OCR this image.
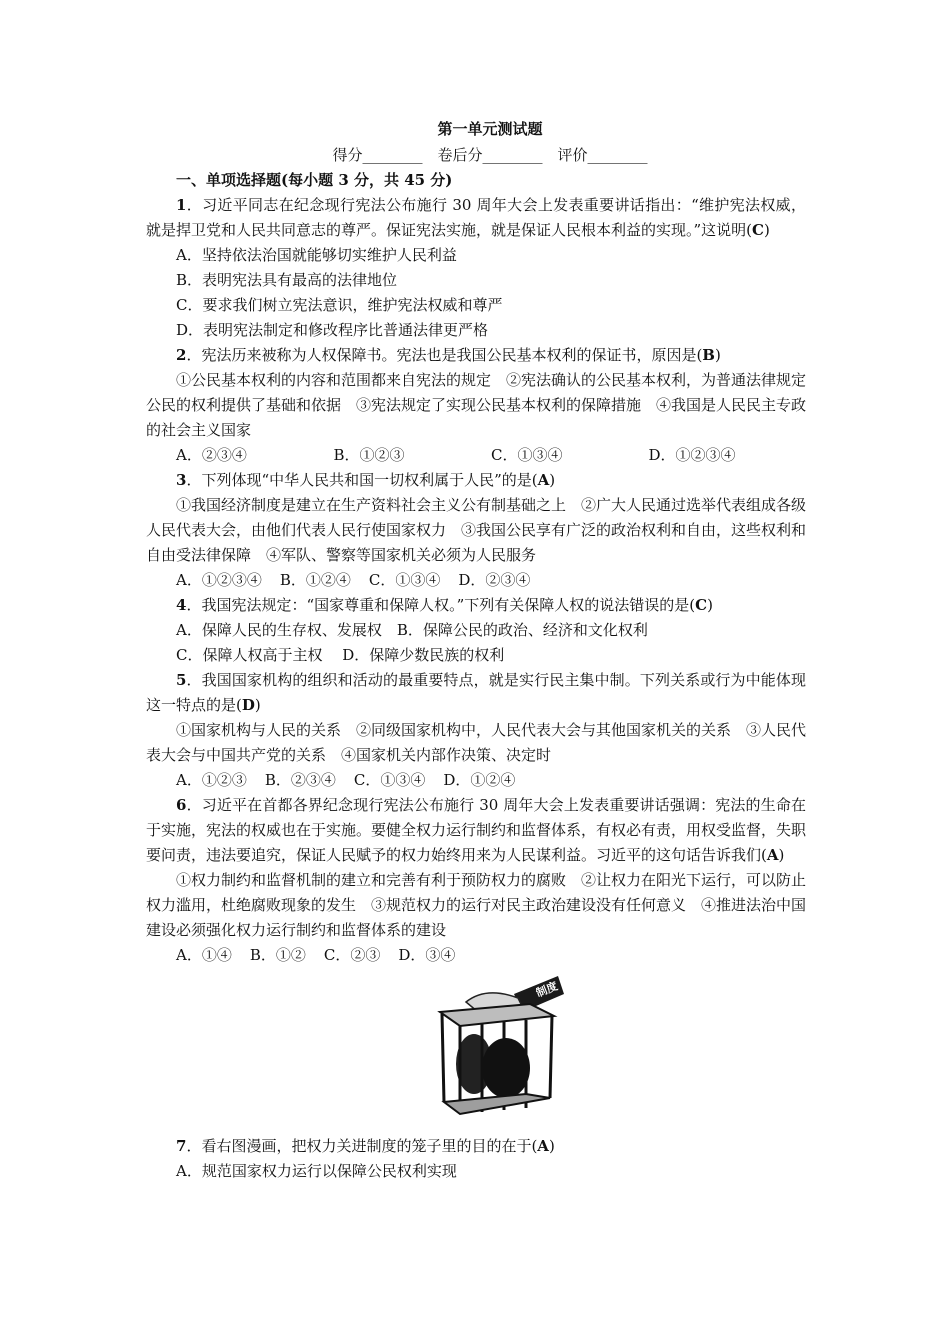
第一单元测试题
得分________　卷后分________　评价________

一、单项选择题(每小题 3 分，共 45 分)

1．习近平同志在纪念现行宪法公布施行 30 周年大会上发表重要讲话指出：“维护宪法权威，就是捍卫党和人民共同意志的尊严。保证宪法实施，就是保证人民根本利益的实现。”这说明(C)

A．坚持依法治国就能够切实维护人民利益

B．表明宪法具有最高的法律地位

C．要求我们树立宪法意识，维护宪法权威和尊严

D．表明宪法制定和修改程序比普通法律更严格

2．宪法历来被称为人权保障书。宪法也是我国公民基本权利的保证书，原因是(B)

①公民基本权利的内容和范围都来自宪法的规定　②宪法确认的公民基本权利，为普通法律规定公民的权利提供了基础和依据　③宪法规定了实现公民基本权利的保障措施　④我国是人民民主专政的社会主义国家

A．②③④	B．①②③	C．①③④	D．①②③④

3．下列体现“中华人民共和国一切权利属于人民”的是(A)

①我国经济制度是建立在生产资料社会主义公有制基础之上　②广大人民通过选举代表组成各级人民代表大会，由他们代表人民行使国家权力　③我国公民享有广泛的政治权利和自由，这些权利和自由受法律保障　④军队、警察等国家机关必须为人民服务

A．①②③④ B．①②④ C．①③④ D．②③④

4．我国宪法规定：“国家尊重和保障人权。”下列有关保障人权的说法错误的是(C)

A．保障人民的生存权、发展权　B．保障公民的政治、经济和文化权利

C．保障人权高于主权　 D．保障少数民族的权利

5．我国国家机构的组织和活动的最重要特点，就是实行民主集中制。下列关系或行为中能体现这一特点的是(D)

①国家机构与人民的关系　②同级国家机构中，人民代表大会与其他国家机关的关系　③人民代表大会与中国共产党的关系　④国家机关内部作决策、决定时

A．①②③ B．②③④ C．①③④ D．①②④

6．习近平在首都各界纪念现行宪法公布施行 30 周年大会上发表重要讲话强调：宪法的生命在于实施，宪法的权威也在于实施。要健全权力运行制约和监督体系，有权必有责，用权受监督，失职要问责，违法要追究，保证人民赋予的权力始终用来为人民谋利益。习近平的这句话告诉我们(A)

①权力制约和监督机制的建立和完善有利于预防权力的腐败　②让权力在阳光下运行，可以防止权力滥用，杜绝腐败现象的发生　③规范权力的运行对民主政治建设没有任何意义　④推进法治中国建设必须强化权力运行制约和监督体系的建设

A．①④ B．①② C．②③ D．③④

制度

7．看右图漫画，把权力关进制度的笼子里的目的在于(A)

A．规范国家权力运行以保障公民权利实现
